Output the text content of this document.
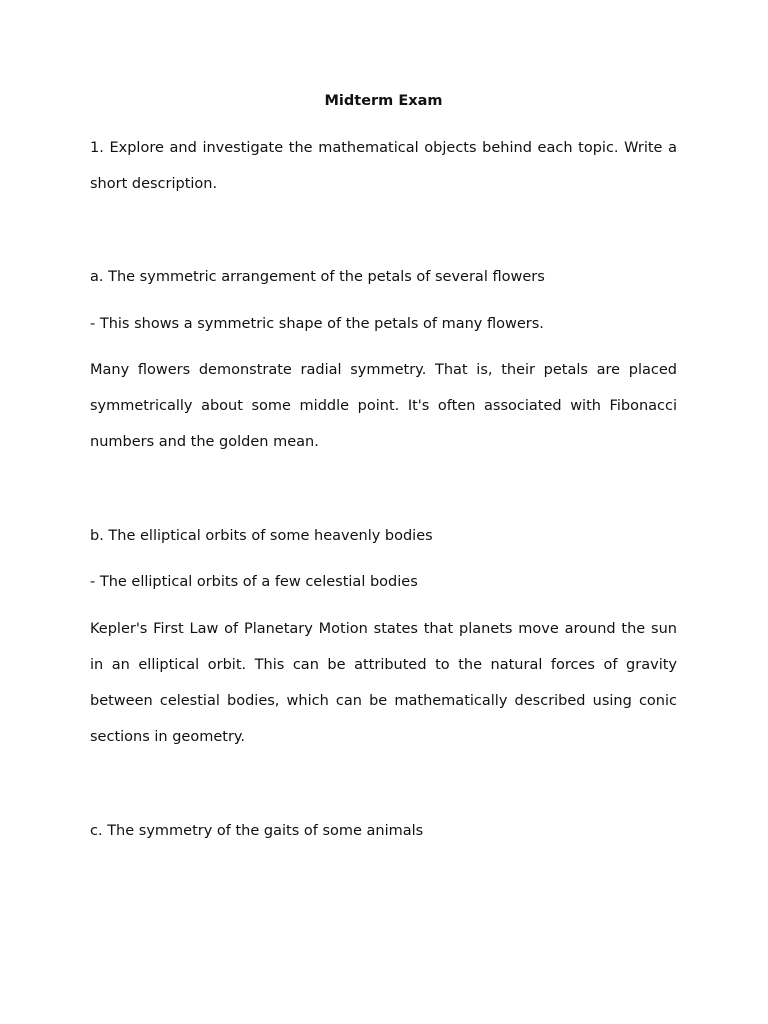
Midterm Exam

1. Explore and investigate the mathematical objects behind each topic. Write a short description.

a. The symmetric arrangement of the petals of several flowers

- This shows a symmetric shape of the petals of many flowers.

Many flowers demonstrate radial symmetry. That is, their petals are placed symmetrically about some middle point. It's often associated with Fibonacci numbers and the golden mean.

b. The elliptical orbits of some heavenly bodies

- The elliptical orbits of a few celestial bodies

Kepler's First Law of Planetary Motion states that planets move around the sun in an elliptical orbit. This can be attributed to the natural forces of gravity between celestial bodies, which can be mathematically described using conic sections in geometry.

c. The symmetry of the gaits of some animals
